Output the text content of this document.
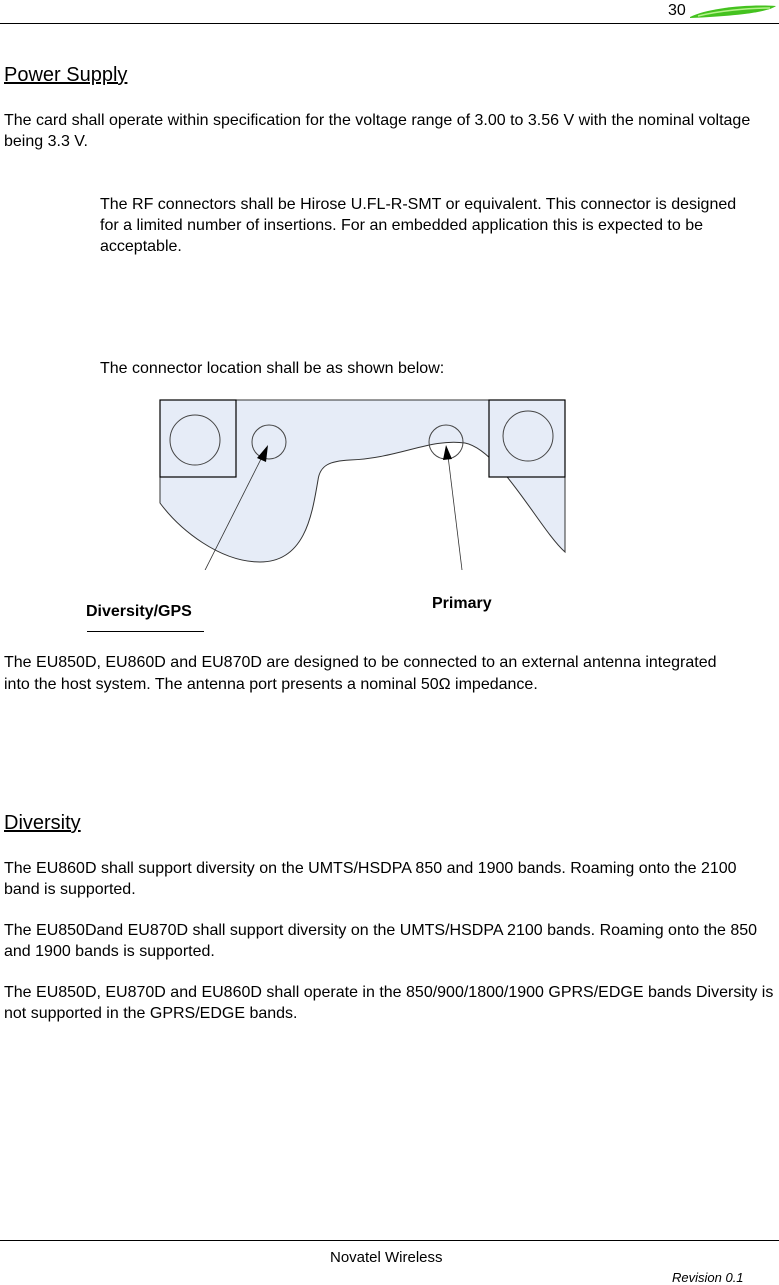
30
Power Supply

The card shall operate within specification for the voltage range of 3.00 to 3.56 V with the nominal voltage being 3.3 V.

The RF connectors shall be Hirose U.FL-R-SMT or equivalent. This connector is designed for a limited number of insertions. For an embedded application this is expected to be acceptable.

The connector location shall be as shown below:

Diversity/GPS	Primary

The EU850D, EU860D and EU870D are designed to be connected to an external antenna integrated into the host system. The antenna port presents a nominal 50Ω impedance.

Diversity

The EU860D shall support diversity on the UMTS/HSDPA 850 and 1900 bands. Roaming onto the 2100 band is supported.

The EU850Dand EU870D shall support diversity on the UMTS/HSDPA 2100 bands. Roaming onto the 850 and 1900 bands is supported.

The EU850D, EU870D and EU860D shall operate in the 850/900/1800/1900 GPRS/EDGE bands Diversity is not supported in the GPRS/EDGE bands.

Novatel Wireless
Revision 0.1
